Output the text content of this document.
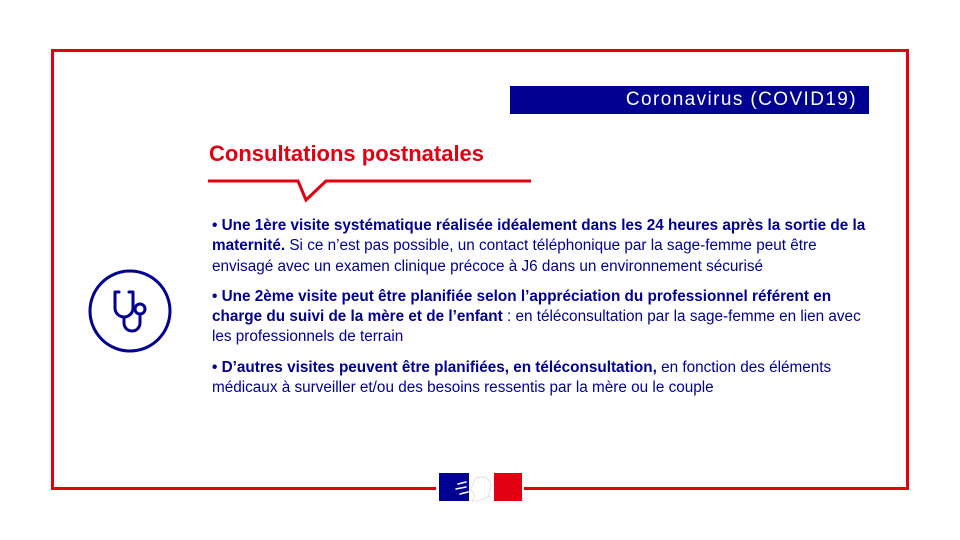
Coronavirus (COVID19)
Consultations postnatales

• Une 1ère visite systématique réalisée idéalement dans les 24 heures après la sortie de la maternité. Si ce n’est pas possible, un contact téléphonique par la sage-femme peut être envisagé avec un examen clinique précoce à J6 dans un environnement sécurisé

• Une 2ème visite peut être planifiée selon l’appréciation du professionnel référent en charge du suivi de la mère et de l’enfant : en téléconsultation par la sage-femme en lien avec les professionnels de terrain

• D’autres visites peuvent être planifiées, en téléconsultation, en fonction des éléments médicaux à surveiller et/ou des besoins ressentis par la mère ou le couple
